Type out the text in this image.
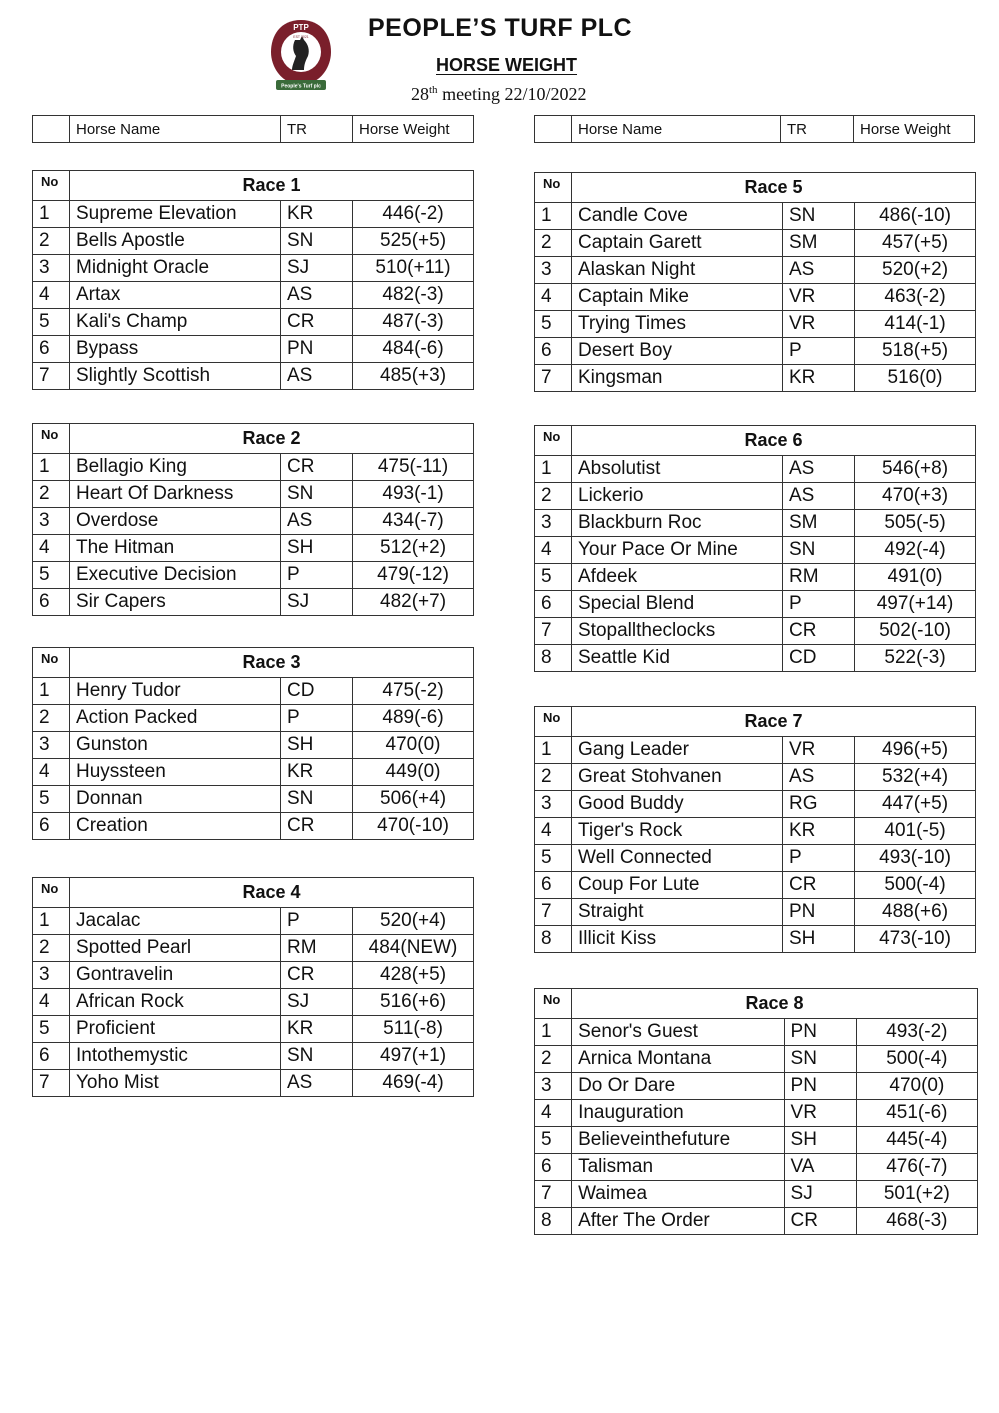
PTP
EST 2021
People's Turf plc
PEOPLE’S TURF PLC
HORSE WEIGHT
28th meeting 22/10/2022
	Horse Name	TR	Horse Weight
		Horse Name	TR	Horse Weight
No	Race 1		
1	Supreme Elevation	KR	446(-2)
2	Bells Apostle	SN	525(+5)
3	Midnight Oracle	SJ	510(+11)
4	Artax	AS	482(-3)
5	Kali's Champ	CR	487(-3)
6	Bypass	PN	484(-6)
7	Slightly Scottish	AS	485(+3)
No	Race 2		
1	Bellagio King	CR	475(-11)
2	Heart Of Darkness	SN	493(-1)
3	Overdose	AS	434(-7)
4	The Hitman	SH	512(+2)
5	Executive Decision	P	479(-12)
6	Sir Capers	SJ	482(+7)
No	Race 3		
1	Henry Tudor	CD	475(-2)
2	Action Packed	P	489(-6)
3	Gunston	SH	470(0)
4	Huyssteen	KR	449(0)
5	Donnan	SN	506(+4)
6	Creation	CR	470(-10)
No	Race 4		
1	Jacalac	P	520(+4)
2	Spotted Pearl	RM	484(NEW)
3	Gontravelin	CR	428(+5)
4	African Rock	SJ	516(+6)
5	Proficient	KR	511(-8)
6	Intothemystic	SN	497(+1)
7	Yoho Mist	AS	469(-4)
No	Race 5		
1	Candle Cove	SN	486(-10)
2	Captain Garett	SM	457(+5)
3	Alaskan Night	AS	520(+2)
4	Captain Mike	VR	463(-2)
5	Trying Times	VR	414(-1)
6	Desert Boy	P	518(+5)
7	Kingsman	KR	516(0)
No	Race 6		
1	Absolutist	AS	546(+8)
2	Lickerio	AS	470(+3)
3	Blackburn Roc	SM	505(-5)
4	Your Pace Or Mine	SN	492(-4)
5	Afdeek	RM	491(0)
6	Special Blend	P	497(+14)
7	Stopalltheclocks	CR	502(-10)
8	Seattle Kid	CD	522(-3)
No	Race 7		
1	Gang Leader	VR	496(+5)
2	Great Stohvanen	AS	532(+4)
3	Good Buddy	RG	447(+5)
4	Tiger's Rock	KR	401(-5)
5	Well Connected	P	493(-10)
6	Coup For Lute	CR	500(-4)
7	Straight	PN	488(+6)
8	Illicit Kiss	SH	473(-10)
No	Race 8		
1	Senor's Guest	PN	493(-2)
2	Arnica Montana	SN	500(-4)
3	Do Or Dare	PN	470(0)
4	Inauguration	VR	451(-6)
5	Believeinthefuture	SH	445(-4)
6	Talisman	VA	476(-7)
7	Waimea	SJ	501(+2)
8	After The Order	CR	468(-3)
